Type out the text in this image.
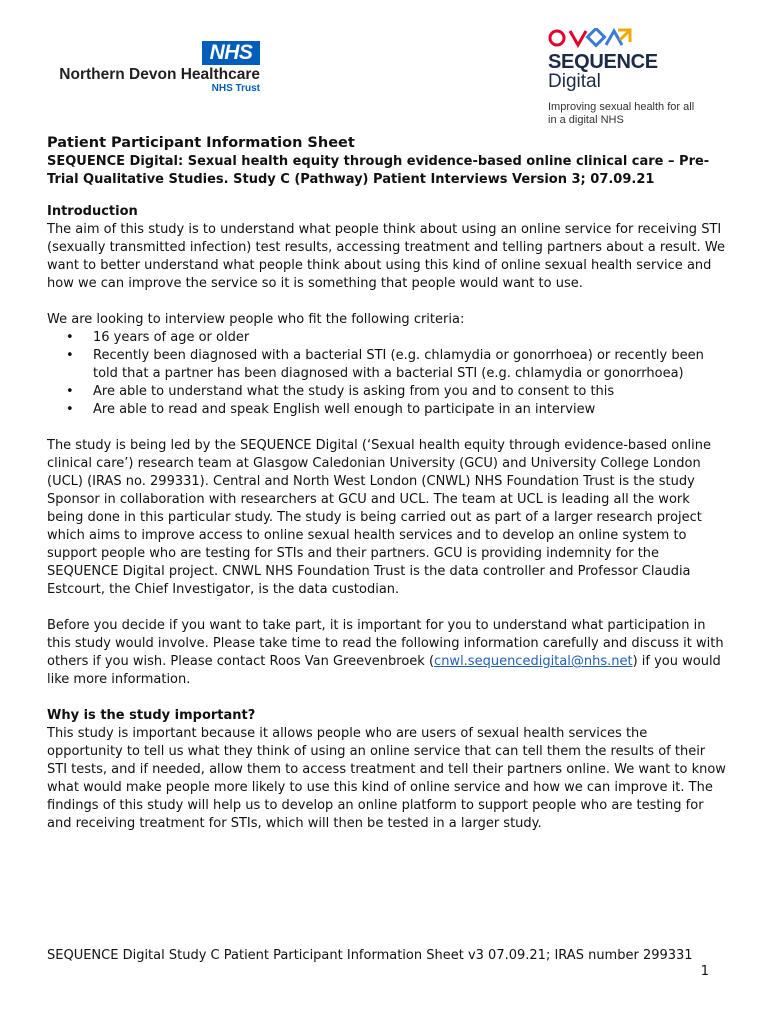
NHS
Northern Devon Healthcare
NHS Trust
SEQUENCE
Digital
Improving sexual health for all
in a digital NHS
Patient Participant Information Sheet
SEQUENCE Digital: Sexual health equity through evidence-based online clinical care – Pre-Trial Qualitative Studies. Study C (Pathway) Patient Interviews Version 3; 07.09.21
Introduction

The aim of this study is to understand what people think about using an online service for receiving STI (sexually transmitted infection) test results, accessing treatment and telling partners about a result. We want to better understand what people think about using this kind of online sexual health service and how we can improve the service so it is something that people would want to use.

We are looking to interview people who fit the following criteria:

• 16 years of age or older
• Recently been diagnosed with a bacterial STI (e.g. chlamydia or gonorrhoea) or recently been told that a partner has been diagnosed with a bacterial STI (e.g. chlamydia or gonorrhoea)
• Are able to understand what the study is asking from you and to consent to this
• Are able to read and speak English well enough to participate in an interview

The study is being led by the SEQUENCE Digital (‘Sexual health equity through evidence-based online clinical care’) research team at Glasgow Caledonian University (GCU) and University College London (UCL) (IRAS no. 299331). Central and North West London (CNWL) NHS Foundation Trust is the study Sponsor in collaboration with researchers at GCU and UCL. The team at UCL is leading all the work being done in this particular study. The study is being carried out as part of a larger research project which aims to improve access to online sexual health services and to develop an online system to support people who are testing for STIs and their partners. GCU is providing indemnity for the SEQUENCE Digital project. CNWL NHS Foundation Trust is the data controller and Professor Claudia Estcourt, the Chief Investigator, is the data custodian.

Before you decide if you want to take part, it is important for you to understand what participation in this study would involve. Please take time to read the following information carefully and discuss it with others if you wish. Please contact Roos Van Greevenbroek (cnwl.sequencedigital@nhs.net) if you would like more information.

Why is the study important?

This study is important because it allows people who are users of sexual health services the opportunity to tell us what they think of using an online service that can tell them the results of their STI tests, and if needed, allow them to access treatment and tell their partners online. We want to know what would make people more likely to use this kind of online service and how we can improve it. The findings of this study will help us to develop an online platform to support people who are testing for and receiving treatment for STIs, which will then be tested in a larger study.

SEQUENCE Digital Study C Patient Participant Information Sheet v3 07.09.21; IRAS number 299331
1
